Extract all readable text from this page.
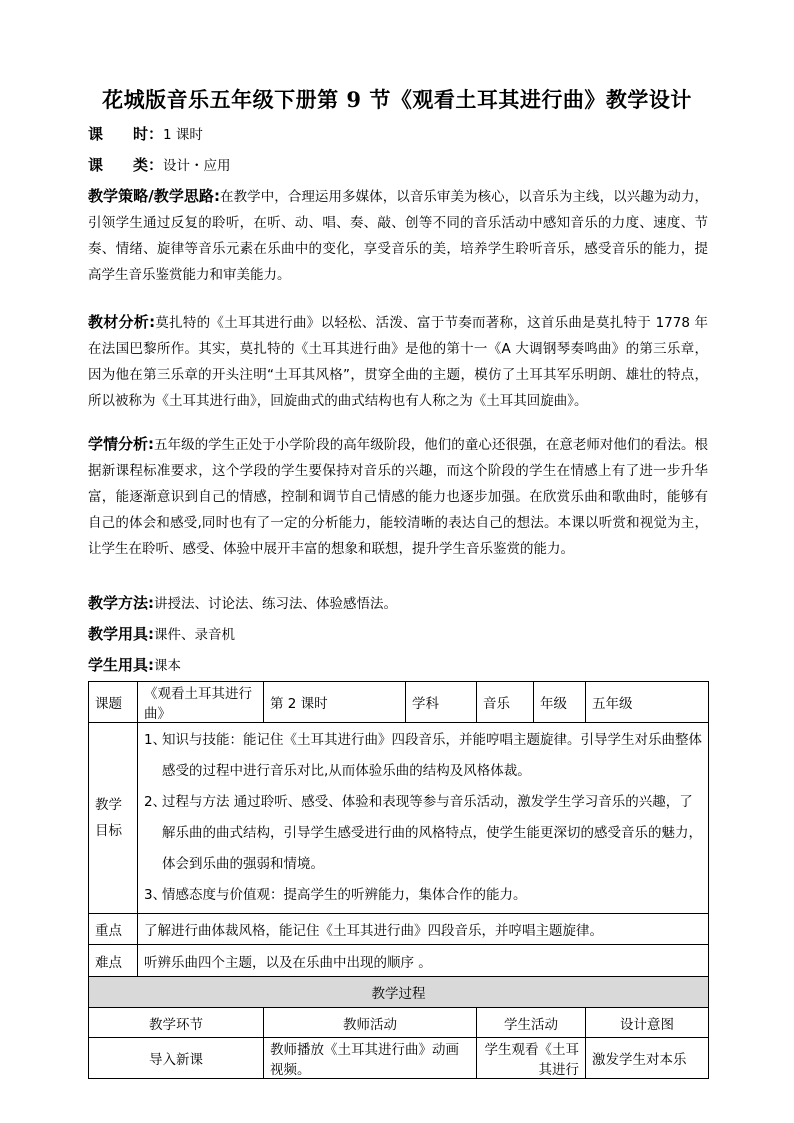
花城版音乐五年级下册第 9 节《观看土耳其进行曲》教学设计
课　　时：1 课时
课　　类：设计・应用
教学策略/教学思路:在教学中，合理运用多媒体，以音乐审美为核心，以音乐为主线，以兴趣为动力，引领学生通过反复的聆听，在听、动、唱、奏、敲、创等不同的音乐活动中感知音乐的力度、速度、节奏、情绪、旋律等音乐元素在乐曲中的变化，享受音乐的美，培养学生聆听音乐，感受音乐的能力，提高学生音乐鉴赏能力和审美能力。
教材分析:莫扎特的《土耳其进行曲》以轻松、活泼、富于节奏而著称，这首乐曲是莫扎特于 1778 年在法国巴黎所作。其实，莫扎特的《土耳其进行曲》是他的第十一《A 大调钢琴奏鸣曲》的第三乐章，因为他在第三乐章的开头注明“土耳其风格”，贯穿全曲的主题，模仿了土耳其军乐明朗、雄壮的特点，所以被称为《土耳其进行曲》，回旋曲式的曲式结构也有人称之为《土耳其回旋曲》。
学情分析:五年级的学生正处于小学阶段的高年级阶段，他们的童心还很强，在意老师对他们的看法。根据新课程标准要求，这个学段的学生要保持对音乐的兴趣，而这个阶段的学生在情感上有了进一步升华富，能逐渐意识到自己的情感，控制和调节自己情感的能力也逐步加强。在欣赏乐曲和歌曲时，能够有自己的体会和感受,同时也有了一定的分析能力，能较清晰的表达自己的想法。本课以听赏和视觉为主，让学生在聆听、感受、体验中展开丰富的想象和联想，提升学生音乐鉴赏的能力。
教学方法:讲授法、讨论法、练习法、体验感悟法。
教学用具:课件、录音机
学生用具:课本
课题	《观看土耳其进行曲》	第 2 课时	学科	音乐	年级	五年级
教学目标	1、知识与技能：能记住《土耳其进行曲》四段音乐，并能哼唱主题旋律。引导学生对乐曲整体感受的过程中进行音乐对比,从而体验乐曲的结构及风格体裁。
2、过程与方法 通过聆听、感受、体验和表现等参与音乐活动，激发学生学习音乐的兴趣，了解乐曲的曲式结构，引导学生感受进行曲的风格特点，使学生能更深切的感受音乐的魅力，体会到乐曲的强弱和情境。
3、情感态度与价值观：提高学生的听辨能力，集体合作的能力。					

重点	了解进行曲体裁风格，能记住《土耳其进行曲》四段音乐，并哼唱主题旋律。					
难点	听辨乐曲四个主题，以及在乐曲中出现的顺序 。					
教学过程						
教学环节		教师活动		学生活动		设计意图
导入新课		教师播放《土耳其进行曲》动画视频。		学生观看《土耳其进行		激发学生对本乐
